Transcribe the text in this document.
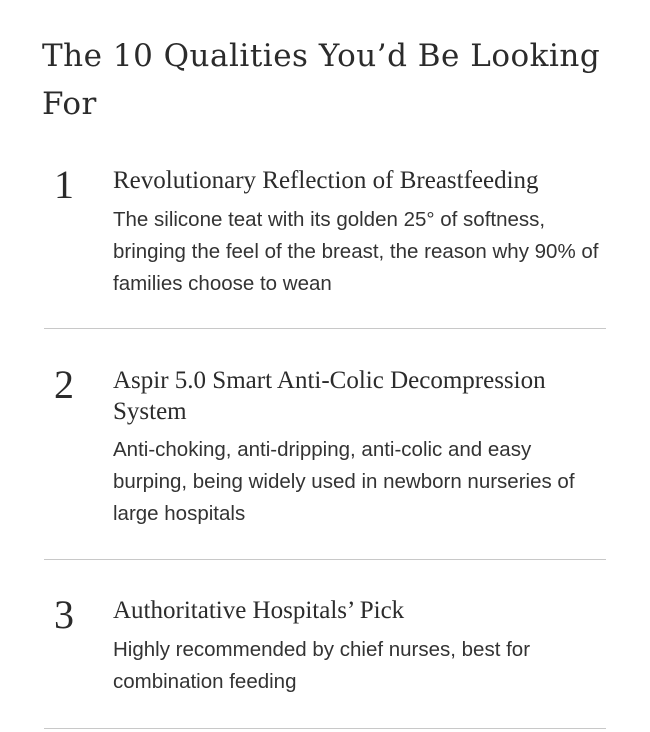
The 10 Qualities You’d Be Looking For
1 Revolutionary Reflection of Breastfeeding

The silicone teat with its golden 25° of softness, bringing the feel of the breast, the reason why 90% of families choose to wean

2 Aspir 5.0 Smart Anti-Colic Decompression System

Anti-choking, anti-dripping, anti-colic and easy burping, being widely used in newborn nurseries of large hospitals

3 Authoritative Hospitals’ Pick

Highly recommended by chief nurses, best for combination feeding
